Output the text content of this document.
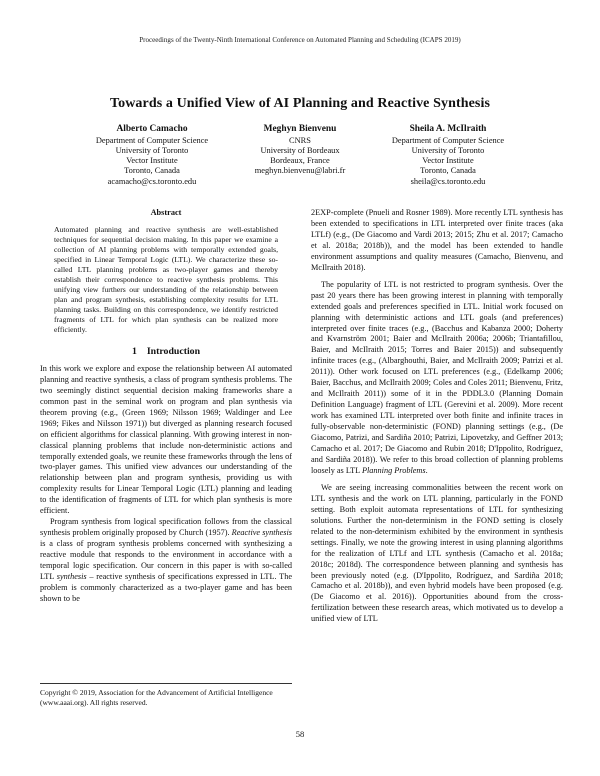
Proceedings of the Twenty-Ninth International Conference on Automated Planning and Scheduling (ICAPS 2019)
Towards a Unified View of AI Planning and Reactive Synthesis
Alberto Camacho
Department of Computer Science
University of Toronto
Vector Institute
Toronto, Canada
acamacho@cs.toronto.edu
Meghyn Bienvenu
CNRS
University of Bordeaux
Bordeaux, France
meghyn.bienvenu@labri.fr
Sheila A. McIlraith
Department of Computer Science
University of Toronto
Vector Institute
Toronto, Canada
sheila@cs.toronto.edu
Abstract
Automated planning and reactive synthesis are well-established techniques for sequential decision making. In this paper we examine a collection of AI planning problems with temporally extended goals, specified in Linear Temporal Logic (LTL). We characterize these so-called LTL planning problems as two-player games and thereby establish their correspondence to reactive synthesis problems. This unifying view furthers our understanding of the relationship between plan and program synthesis, establishing complexity results for LTL planning tasks. Building on this correspondence, we identify restricted fragments of LTL for which plan synthesis can be realized more efficiently.
1 Introduction

In this work we explore and expose the relationship between AI automated planning and reactive synthesis, a class of program synthesis problems. The two seemingly distinct sequential decision making frameworks share a common past in the seminal work on program and plan synthesis via theorem proving (e.g., (Green 1969; Nilsson 1969; Waldinger and Lee 1969; Fikes and Nilsson 1971)) but diverged as planning research focused on efficient algorithms for classical planning. With growing interest in non-classical planning problems that include non-deterministic actions and temporally extended goals, we reunite these frameworks through the lens of two-player games. This unified view advances our understanding of the relationship between plan and program synthesis, providing us with complexity results for Linear Temporal Logic (LTL) planning and leading to the identification of fragments of LTL for which plan synthesis is more efficient.

Program synthesis from logical specification follows from the classical synthesis problem originally proposed by Church (1957). Reactive synthesis is a class of program synthesis problems concerned with synthesizing a reactive module that responds to the environment in accordance with a temporal logic specification. Our concern in this paper is with so-called LTL synthesis – reactive synthesis of specifications expressed in LTL. The problem is commonly characterized as a two-player game and has been shown to be

Copyright © 2019, Association for the Advancement of Artificial Intelligence (www.aaai.org). All rights reserved.

2EXP-complete (Pnueli and Rosner 1989). More recently LTL synthesis has been extended to specifications in LTL interpreted over finite traces (aka LTLf) (e.g., (De Giacomo and Vardi 2013; 2015; Zhu et al. 2017; Camacho et al. 2018a; 2018b)), and the model has been extended to handle environment assumptions and quality measures (Camacho, Bienvenu, and McIlraith 2018).

The popularity of LTL is not restricted to program synthesis. Over the past 20 years there has been growing interest in planning with temporally extended goals and preferences specified in LTL. Initial work focused on planning with deterministic actions and LTL goals (and preferences) interpreted over finite traces (e.g., (Bacchus and Kabanza 2000; Doherty and Kvarnström 2001; Baier and McIlraith 2006a; 2006b; Triantafillou, Baier, and McIlraith 2015; Torres and Baier 2015)) and subsequently infinite traces (e.g., (Albarghouthi, Baier, and McIlraith 2009; Patrizi et al. 2011)). Other work focused on LTL preferences (e.g., (Edelkamp 2006; Baier, Bacchus, and McIlraith 2009; Coles and Coles 2011; Bienvenu, Fritz, and McIlraith 2011)) some of it in the PDDL3.0 (Planning Domain Definition Language) fragment of LTL (Gerevini et al. 2009). More recent work has examined LTL interpreted over both finite and infinite traces in fully-observable non-deterministic (FOND) planning settings (e.g., (De Giacomo, Patrizi, and Sardiña 2010; Patrizi, Lipovetzky, and Geffner 2013; Camacho et al. 2017; De Giacomo and Rubin 2018; D'Ippolito, Rodríguez, and Sardiña 2018)). We refer to this broad collection of planning problems loosely as LTL Planning Problems.

We are seeing increasing commonalities between the recent work on LTL synthesis and the work on LTL planning, particularly in the FOND setting. Both exploit automata representations of LTL for synthesizing solutions. Further the non-determinism in the FOND setting is closely related to the non-determinism exhibited by the environment in synthesis settings. Finally, we note the growing interest in using planning algorithms for the realization of LTLf and LTL synthesis (Camacho et al. 2018a; 2018c; 2018d). The correspondence between planning and synthesis has been previously noted (e.g. (D'Ippolito, Rodríguez, and Sardiña 2018; Camacho et al. 2018b)), and even hybrid models have been proposed (e.g. (De Giacomo et al. 2016)). Opportunities abound from the cross-fertilization between these research areas, which motivated us to develop a unified view of LTL

58
